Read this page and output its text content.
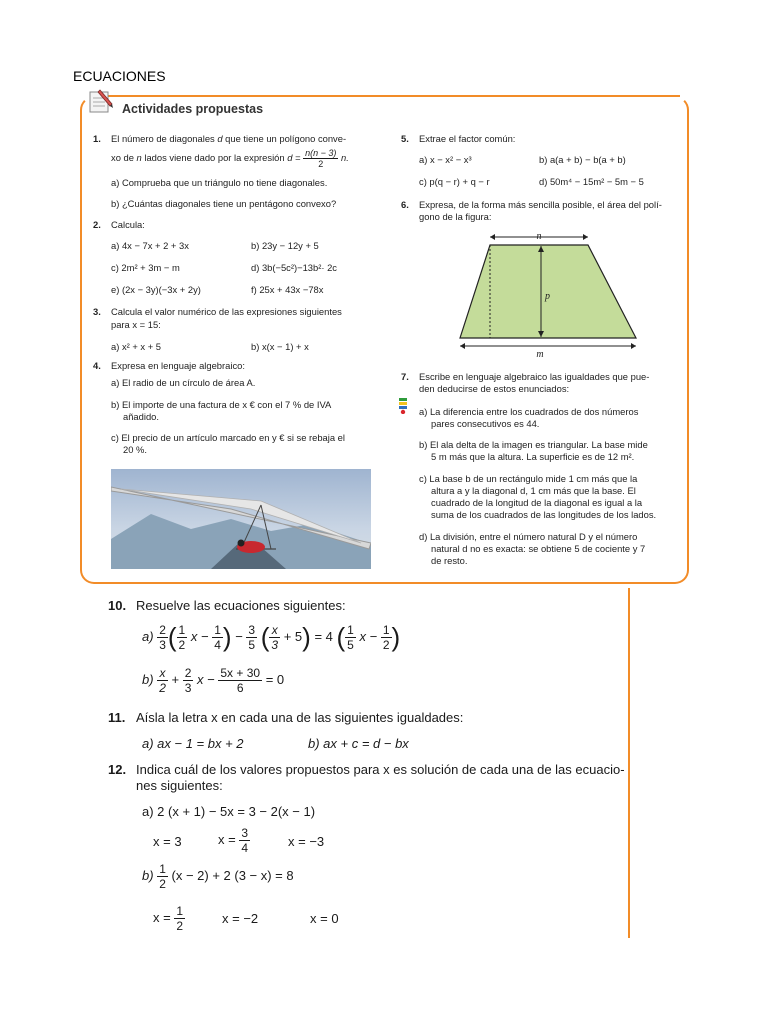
ECUACIONES
Actividades propuestas
1. El número de diagonales d que tiene un polígono conve-
xo de n lados viene dado por la expresión $d = \frac{n(n - 3)}{2} n$.
a) Comprueba que un triángulo no tiene diagonales.
b) ¿Cuántas diagonales tiene un pentágono convexo?
2. Calcula:
a) 4x − 7x + 2 + 3x	b) 23y − 12y + 5
c) 2m² + 3m − m	d) 3b(−5c²)−13b²· 2c
e) (2x − 3y)(−3x + 2y)	f) 25x + 43x −78x
3. Calcula el valor numérico de las expresiones siguientes
para x = 15:
a) x² + x + 5	b) x(x − 1) + x
4. Expresa en lenguaje algebraico:
a) El radio de un círculo de área A.
b) El importe de una factura de x € con el 7 % de IVA
añadido.
c) El precio de un artículo marcado en y € si se rebaja el
20 %.
5. Extrae el factor común:
a) x − x² − x³	b) a(a + b) − b(a + b)
c) p(q − r) + q − r	d) 50m⁴ − 15m² − 5m − 5
6. Expresa, de la forma más sencilla posible, el área del polí-
gono de la figura:
7. Escribe en lenguaje algebraico las igualdades que pue-
den deducirse de estos enunciados:
a) La diferencia entre los cuadrados de dos números
pares consecutivos es 44.
b) El ala delta de la imagen es triangular. La base mide
5 m más que la altura. La superficie es de 12 m².
c) La base b de un rectángulo mide 1 cm más que la
altura a y la diagonal d, 1 cm más que la base. El
cuadrado de la longitud de la diagonal es igual a la
suma de los cuadrados de las longitudes de los lados.
d) La división, entre el número natural D y el número
natural d no es exacta: se obtiene 5 de cociente y 7
de resto.
n
p
m
10. Resuelve las ecuaciones siguientes:
$a) \frac{2}{3}$ ( $\frac{1}{2}$ $x - \frac{1}{4}$ ) − $\frac{3}{5}$ ( $\frac{x}{3} + 5) = 4$ ( $\frac{1}{5}$ $x - \frac{1}{2}$ )
$b) \frac{x}{2} + \frac{2}{3}$ $x - \frac{5x + 30}{6} = 0$
11. Aísla la letra x en cada una de las siguientes igualdades:
a) ax − 1 = bx + 2	b) ax + c = d − bx
12. Indica cuál de los valores propuestos para x es solución de cada una de las ecuacio-
nes siguientes:
a) 2 (x + 1) − 5x = 3 − 2(x − 1)
x = 3	$x = \frac{3}{4}$	x = −3
$b) \frac{1}{2} (x - 2) + 2$ (3 − x) = 8
$x = \frac{1}{2}$	x = −2	x = 0
